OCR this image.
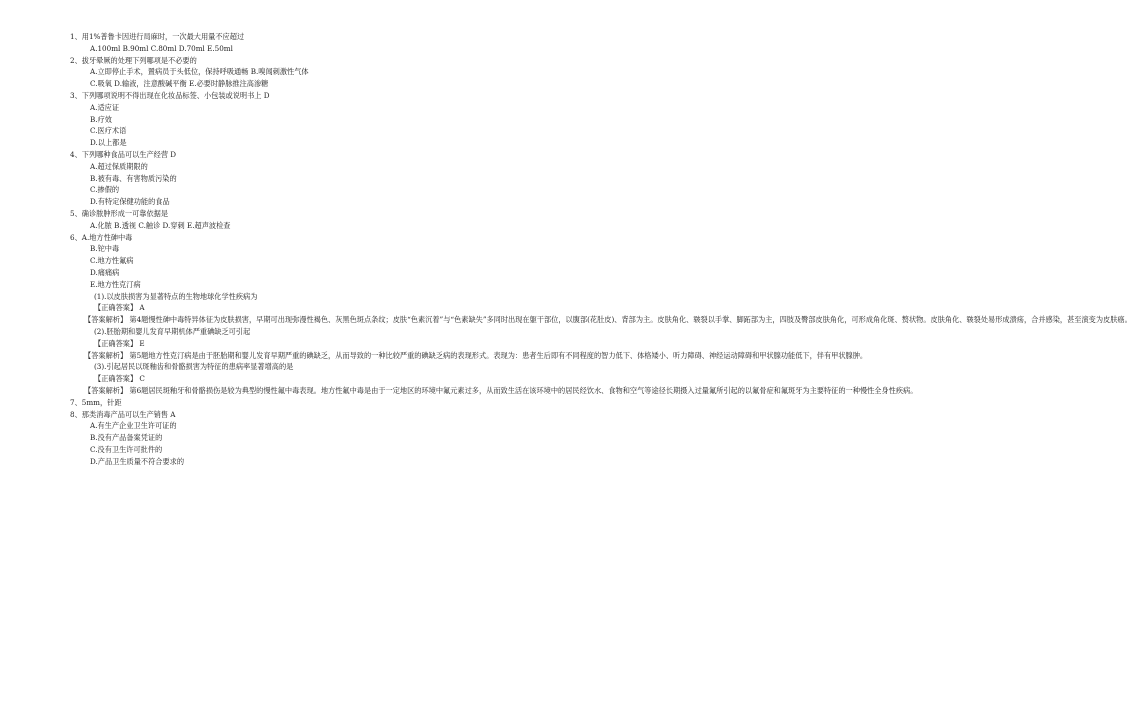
1、用1%普鲁卡因进行局麻时，一次最大用量不应超过
A.100ml B.90ml C.80ml D.70ml E.50ml
2、拔牙晕厥的处理下列哪项是不必要的
A.立即停止手术，置病员于头低位，保持呼吸通畅 B.嗅闻刺激性气体
C.吸氧 D.输液，注意酸碱平衡 E.必要时静脉推注高渗糖
3、下列哪项说明不得出现在化妆品标签、小包装或说明书上 D
A.适应证
B.疗效
C.医疗术语
D.以上都是
4、下列哪种食品可以生产经营 D
A.超过保质期限的
B.被有毒、有害物质污染的
C.掺假的
D.有特定保健功能的食品
5、确诊脓肿形成一可靠依据是
A.化脓 B.透视 C.触诊 D.穿刺 E.超声波检查
6、A.地方性砷中毒
B.铊中毒
C.地方性氟病
D.痛痛病
E.地方性克汀病
(1).以皮肤损害为显著特点的生物地球化学性疾病为
【正确答案】 A
【答案解析】 第4题慢性砷中毒特异体征为皮肤损害，早期可出现弥漫性褐色、灰黑色斑点条纹；皮肤“色素沉着”与“色素缺失”多同时出现在躯干部位，以腹部(花肚皮)、背部为主。皮肤角化、皲裂以手掌、脚跖部为主，四肢及臀部皮肤角化，可形成角化斑、赘状物。皮肤角化、皲裂处易形成溃疡，合并感染，甚至演变为皮肤癌。
(2).胚胎期和婴儿发育早期机体严重碘缺乏可引起
【正确答案】 E
【答案解析】 第5题地方性克汀病是由于胚胎期和婴儿发育早期严重的碘缺乏，从而导致的一种比较严重的碘缺乏病的表现形式。表现为：患者生后即有不同程度的智力低下、体格矮小、听力障碍、神经运动障碍和甲状腺功能低下，伴有甲状腺肿。
(3).引起居民以斑釉齿和骨骼损害为特征的患病率显著增高的是
【正确答案】 C
【答案解析】 第6题居民斑釉牙和骨骼损伤是较为典型的慢性氟中毒表现。地方性氟中毒是由于一定地区的环境中氟元素过多，从而致生活在该环境中的居民经饮水、食物和空气等途径长期摄入过量氟所引起的以氟骨症和氟斑牙为主要特征的一种慢性全身性疾病。
7、5mm，针距
8、那类消毒产品可以生产销售 A
A.有生产企业卫生许可证的
B.没有产品备案凭证的
C.没有卫生许可批件的
D.产品卫生质量不符合要求的
